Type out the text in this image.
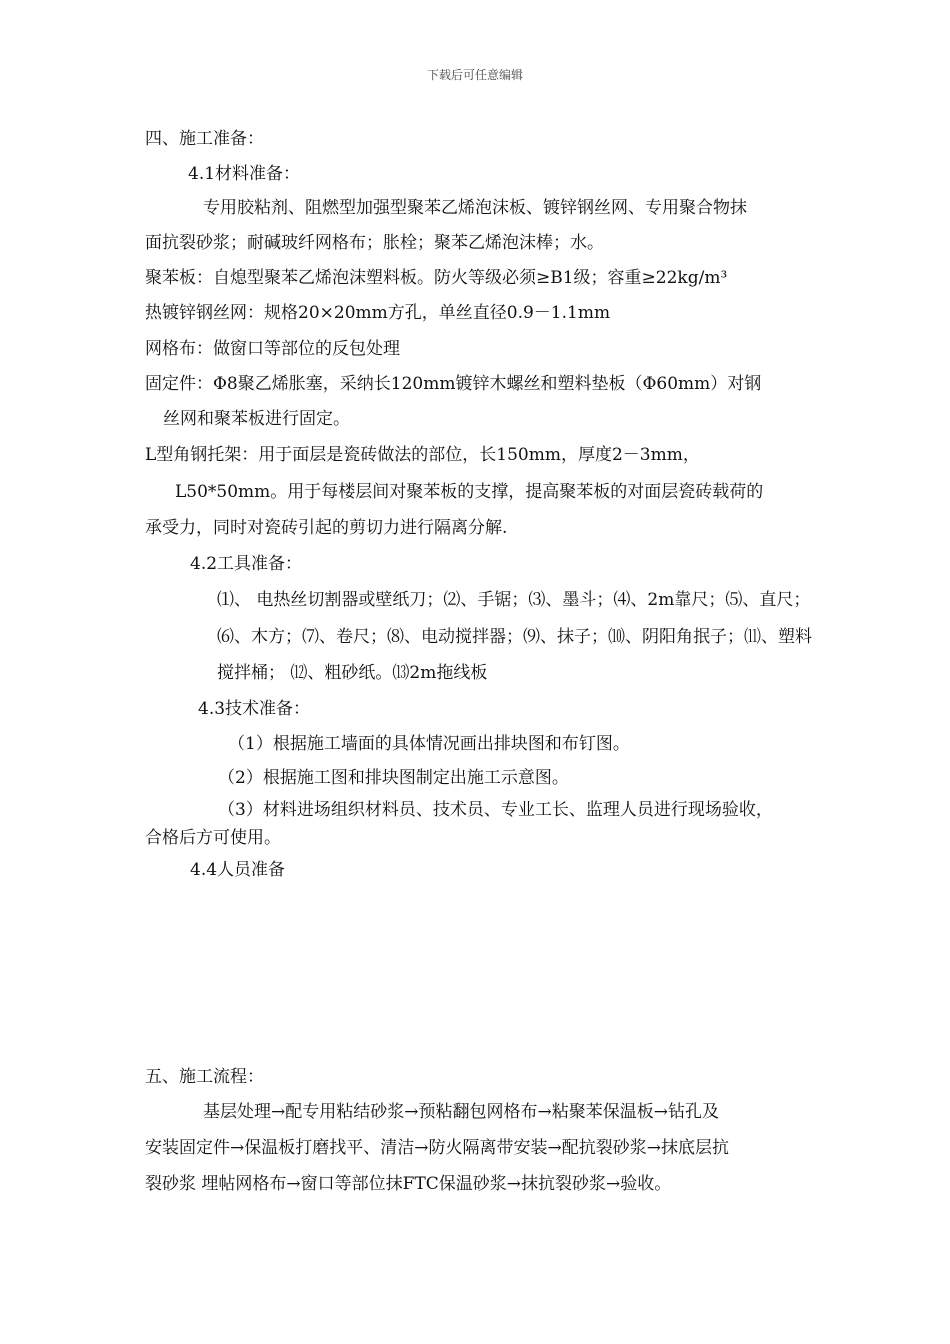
下载后可任意编辑
四、施工准备：
4.1材料准备：
专用胶粘剂、阻燃型加强型聚苯乙烯泡沫板、镀锌钢丝网、专用聚合物抹
面抗裂砂浆；耐碱玻纤网格布；胀栓；聚苯乙烯泡沫棒；水。
聚苯板：自熄型聚苯乙烯泡沫塑料板。防火等级必须≥B1级；容重≥22kg/m³
热镀锌钢丝网：规格20×20mm方孔，单丝直径0.9－1.1mm
网格布：做窗口等部位的反包处理
固定件：Φ8聚乙烯胀塞，采纳长120mm镀锌木螺丝和塑料垫板（Φ60mm）对钢
丝网和聚苯板进行固定。
L型角钢托架：用于面层是瓷砖做法的部位，长150mm，厚度2－3mm，
L50*50mm。用于每楼层间对聚苯板的支撑，提高聚苯板的对面层瓷砖载荷的
承受力，同时对瓷砖引起的剪切力进行隔离分解.
4.2工具准备：
⑴、 电热丝切割器或壁纸刀；⑵、手锯；⑶、墨斗；⑷、2m靠尺；⑸、直尺；
⑹、木方；⑺、卷尺；⑻、电动搅拌器；⑼、抹子；⑽、阴阳角抿子；⑾、塑料
搅拌桶； ⑿、粗砂纸。⒀2m拖线板
4.3技术准备：
（1）根据施工墙面的具体情况画出排块图和布钉图。
（2）根据施工图和排块图制定出施工示意图。
（3）材料进场组织材料员、技术员、专业工长、监理人员进行现场验收，
合格后方可使用。
4.4人员准备
五、施工流程：
基层处理→配专用粘结砂浆→预粘翻包网格布→粘聚苯保温板→钻孔及
安装固定件→保温板打磨找平、清洁→防火隔离带安装→配抗裂砂浆→抹底层抗
裂砂浆 埋帖网格布→窗口等部位抹FTC保温砂浆→抹抗裂砂浆→验收。
